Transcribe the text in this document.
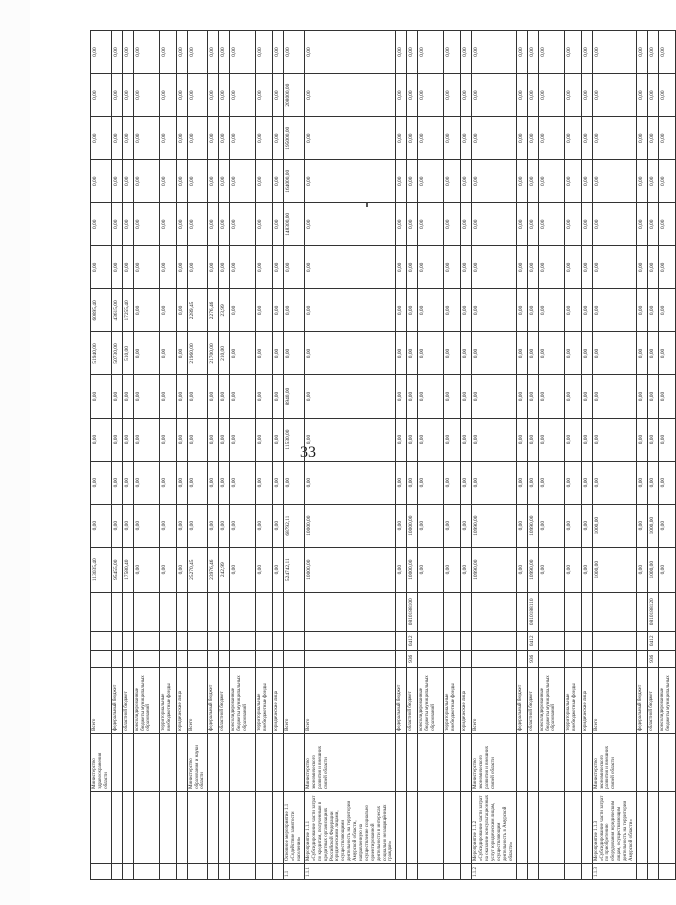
33
		Министерство здравоохранения области	Всего				113035,40	0,00	0,00	0,00	0,00	51940,00	60895,40	0,00	0,00	0,00	0,00	0,00	0,00
			федеральный бюджет				95455,00	0,00	0,00	0,00	0,00	50730,00	43615,00	0,00	0,00	0,00	0,00	0,00	0,00
			областной бюджет				17580,40	0,00	0,00	0,00	0,00	510,00	17255,40	0,00	0,00	0,00	0,00	0,00	0,00
			консолидированные бюджеты муниципальных образований				0,00	0,00	0,00	0,00	0,00	0,00	0,00	0,00	0,00	0,00	0,00	0,00	0,00
			территориальные внебюджетные фонды				0,00	0,00	0,00	0,00	0,00	0,00	0,00	0,00	0,00	0,00	0,00	0,00	0,00
			юридические лица				0,00	0,00	0,00	0,00	0,00	0,00	0,00	0,00	0,00	0,00	0,00	0,00	0,00
		Министерство образования и науки области	Всего				25270,45	0,00	0,00	0,00	0,00	21960,00	2289,45	0,00	0,00	0,00	0,00	0,00	0,00
			федеральный бюджет				23976,46	0,00	0,00	0,00	0,00	21700,00	2276,46	0,00	0,00	0,00	0,00	0,00	0,00
			областной бюджет				242,99	0,00	0,00	0,00	0,00	210,00	23,99	0,00	0,00	0,00	0,00	0,00	0,00
			консолидированные бюджеты муниципальных образований				0,00	0,00	0,00	0,00	0,00	0,00	0,00	0,00	0,00	0,00	0,00	0,00	0,00
			территориальные внебюджетные фонды				0,00	0,00	0,00	0,00	0,00	0,00	0,00	0,00	0,00	0,00	0,00	0,00	0,00
			юридические лица				0,00	0,00	0,00	0,00	0,00	0,00	0,00	0,00	0,00	0,00	0,00	0,00	0,00
1.1	Основное мероприятие 1.1 «Содействие занятости населения»		Всего				524742,11	68792,11	0,00	11530,00	8940,00	0,00	0,00	0,00	148300,00	164000,00	195000,00	208000,00	0,00
1.1.1	Мероприятие 1.1.1 «Субсидирование части затрат по кредитам, полученным в кредитных организациях Российской Федерации юридическими лицами, осуществляющими деятельность на территории Амурской области, направленную на осуществление социально ориентированной деятельности в интересах социально незащищённых граждан»	Министерство экономического развития и внешних связей области	Всего				10000,00	10000,00	0,00	0,00	0,00	0,00	0,00	0,00	0,00	0,00	0,00	0,00	0,00
			федеральный бюджет				0,00	0,00	0,00	0,00	0,00	0,00	0,00	0,00	0,00	0,00	0,00	0,00	0,00
			областной бюджет	936	0412	0810188100	10000,00	10000,00	0,00	0,00	0,00	0,00	0,00	0,00	0,00	0,00	0,00	0,00	0,00
			консолидированные бюджеты муниципальных образований				0,00	0,00	0,00	0,00	0,00	0,00	0,00	0,00	0,00	0,00	0,00	0,00	0,00
			территориальные внебюджетные фонды				0,00	0,00	0,00	0,00	0,00	0,00	0,00	0,00	0,00	0,00	0,00	0,00	0,00
			юридические лица				0,00	0,00	0,00	0,00	0,00	0,00	0,00	0,00	0,00	0,00	0,00	0,00	0,00
1.1.2	Мероприятие 1.1.2 «Субсидирование части затрат на оказание консультационных услуг юридическим лицам, осуществляющим деятельность в Амурской области»	Министерство экономического развития и внешних связей области	Всего				10990,00	10990,00	0,00	0,00	0,00	0,00	0,00	0,00	0,00	0,00	0,00	0,00	0,00
			федеральный бюджет				0,00	0,00	0,00	0,00	0,00	0,00	0,00	0,00	0,00	0,00	0,00	0,00	0,00
			областной бюджет	936	0412	0810188110	10990,00	10990,00	0,00	0,00	0,00	0,00	0,00	0,00	0,00	0,00	0,00	0,00	0,00
			консолидированные бюджеты муниципальных образований				0,00	0,00	0,00	0,00	0,00	0,00	0,00	0,00	0,00	0,00	0,00	0,00	0,00
			территориальные внебюджетные фонды				0,00	0,00	0,00	0,00	0,00	0,00	0,00	0,00	0,00	0,00	0,00	0,00	0,00
			юридические лица				0,00	0,00	0,00	0,00	0,00	0,00	0,00	0,00	0,00	0,00	0,00	0,00	0,00
1.1.3	Мероприятие 1.1.3 «Субсидирование части затрат по приобретению оборудования юридическим лицам, осуществляющим деятельность на территории Амурской области»	Министерство экономического развития и внешних связей области	Всего				1000,00	1000,00	0,00	0,00	0,00	0,00	0,00	0,00	0,00	0,00	0,00	0,00	0,00
			федеральный бюджет				0,00	0,00	0,00	0,00	0,00	0,00	0,00	0,00	0,00	0,00	0,00	0,00	0,00
			областной бюджет	936	0412	0810188120	1000,00	1000,00	0,00	0,00	0,00	0,00	0,00	0,00	0,00	0,00	0,00	0,00	0,00
			консолидированные бюджеты муниципальных				0,00	0,00	0,00	0,00	0,00	0,00	0,00	0,00	0,00	0,00	0,00	0,00	0,00
